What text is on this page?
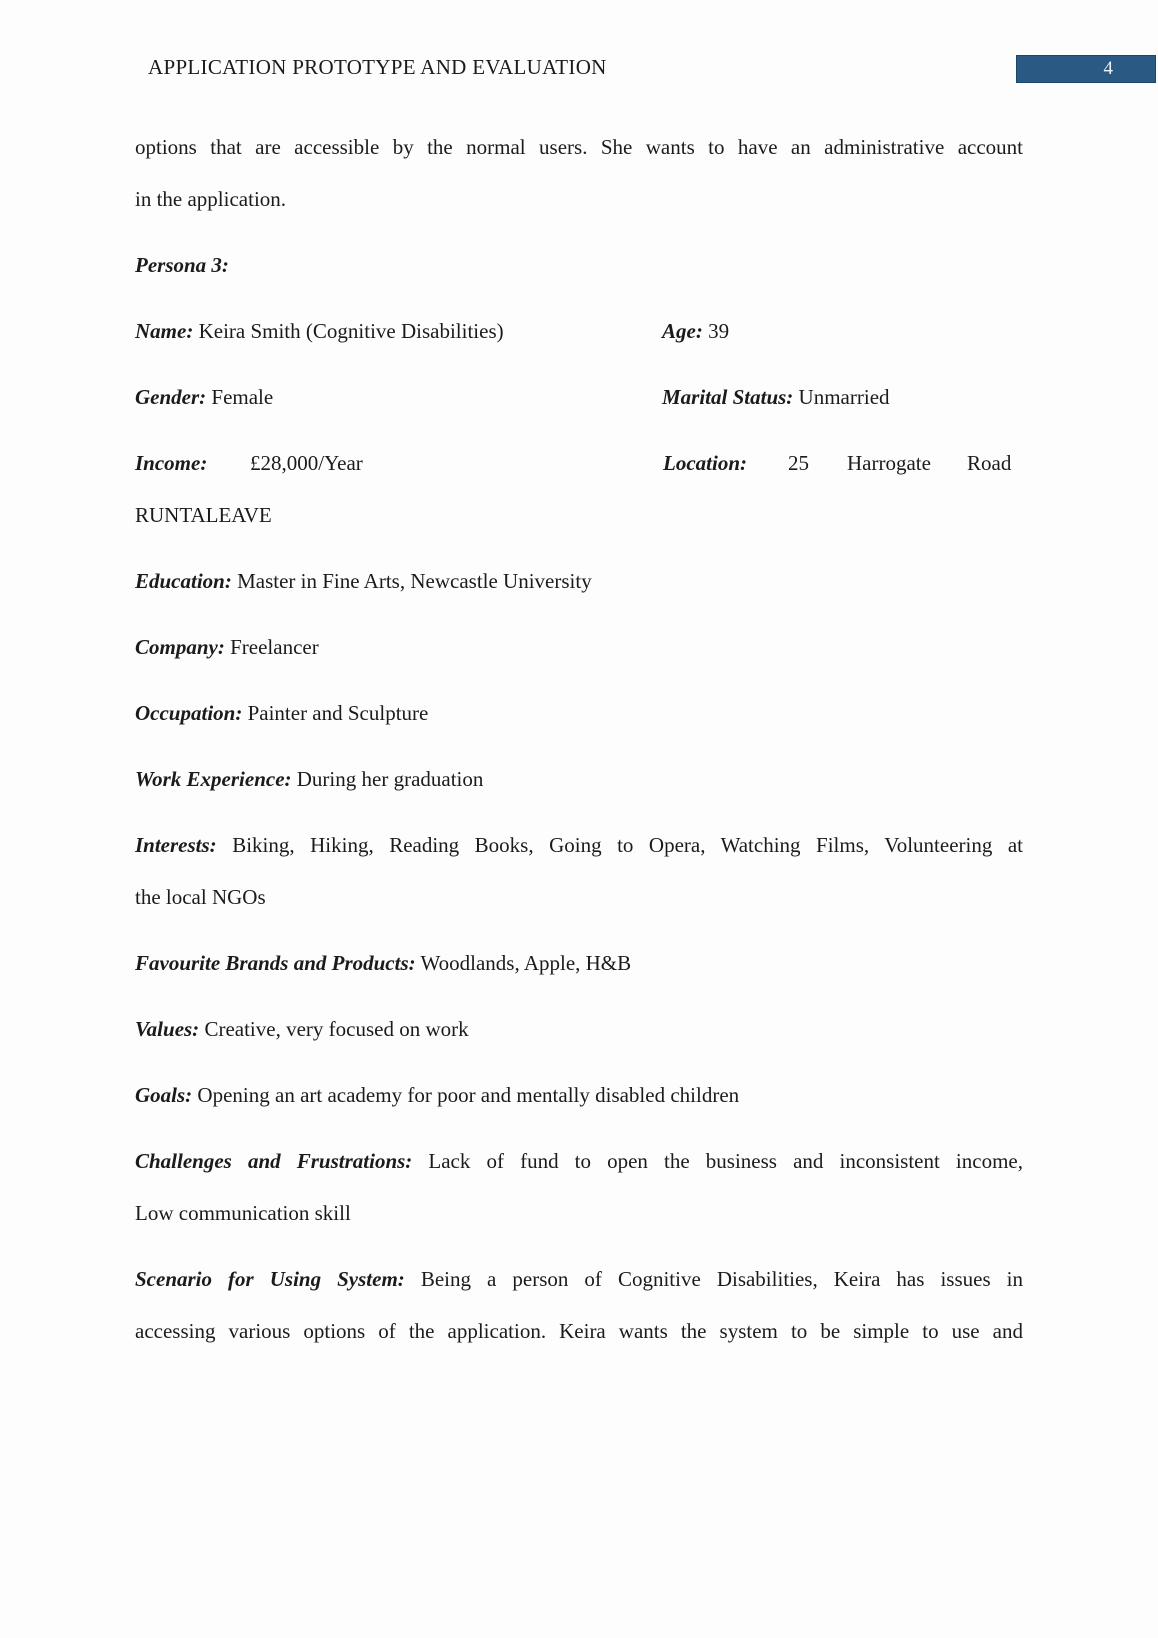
APPLICATION PROTOTYPE AND EVALUATION	4
options that are accessible by the normal users. She wants to have an administrative account
in the application.
Persona 3:
Name: Keira Smith (Cognitive Disabilities)	Age: 39
Gender: Female	Marital Status: Unmarried
Income: £28,000/Year	Location: 25 Harrogate Road
RUNTALEAVE
Education: Master in Fine Arts, Newcastle University
Company: Freelancer
Occupation: Painter and Sculpture
Work Experience: During her graduation
Interests: Biking, Hiking, Reading Books, Going to Opera, Watching Films, Volunteering at
the local NGOs
Favourite Brands and Products: Woodlands, Apple, H&B
Values: Creative, very focused on work
Goals: Opening an art academy for poor and mentally disabled children
Challenges and Frustrations: Lack of fund to open the business and inconsistent income,
Low communication skill
Scenario for Using System: Being a person of Cognitive Disabilities, Keira has issues in
accessing various options of the application. Keira wants the system to be simple to use and
